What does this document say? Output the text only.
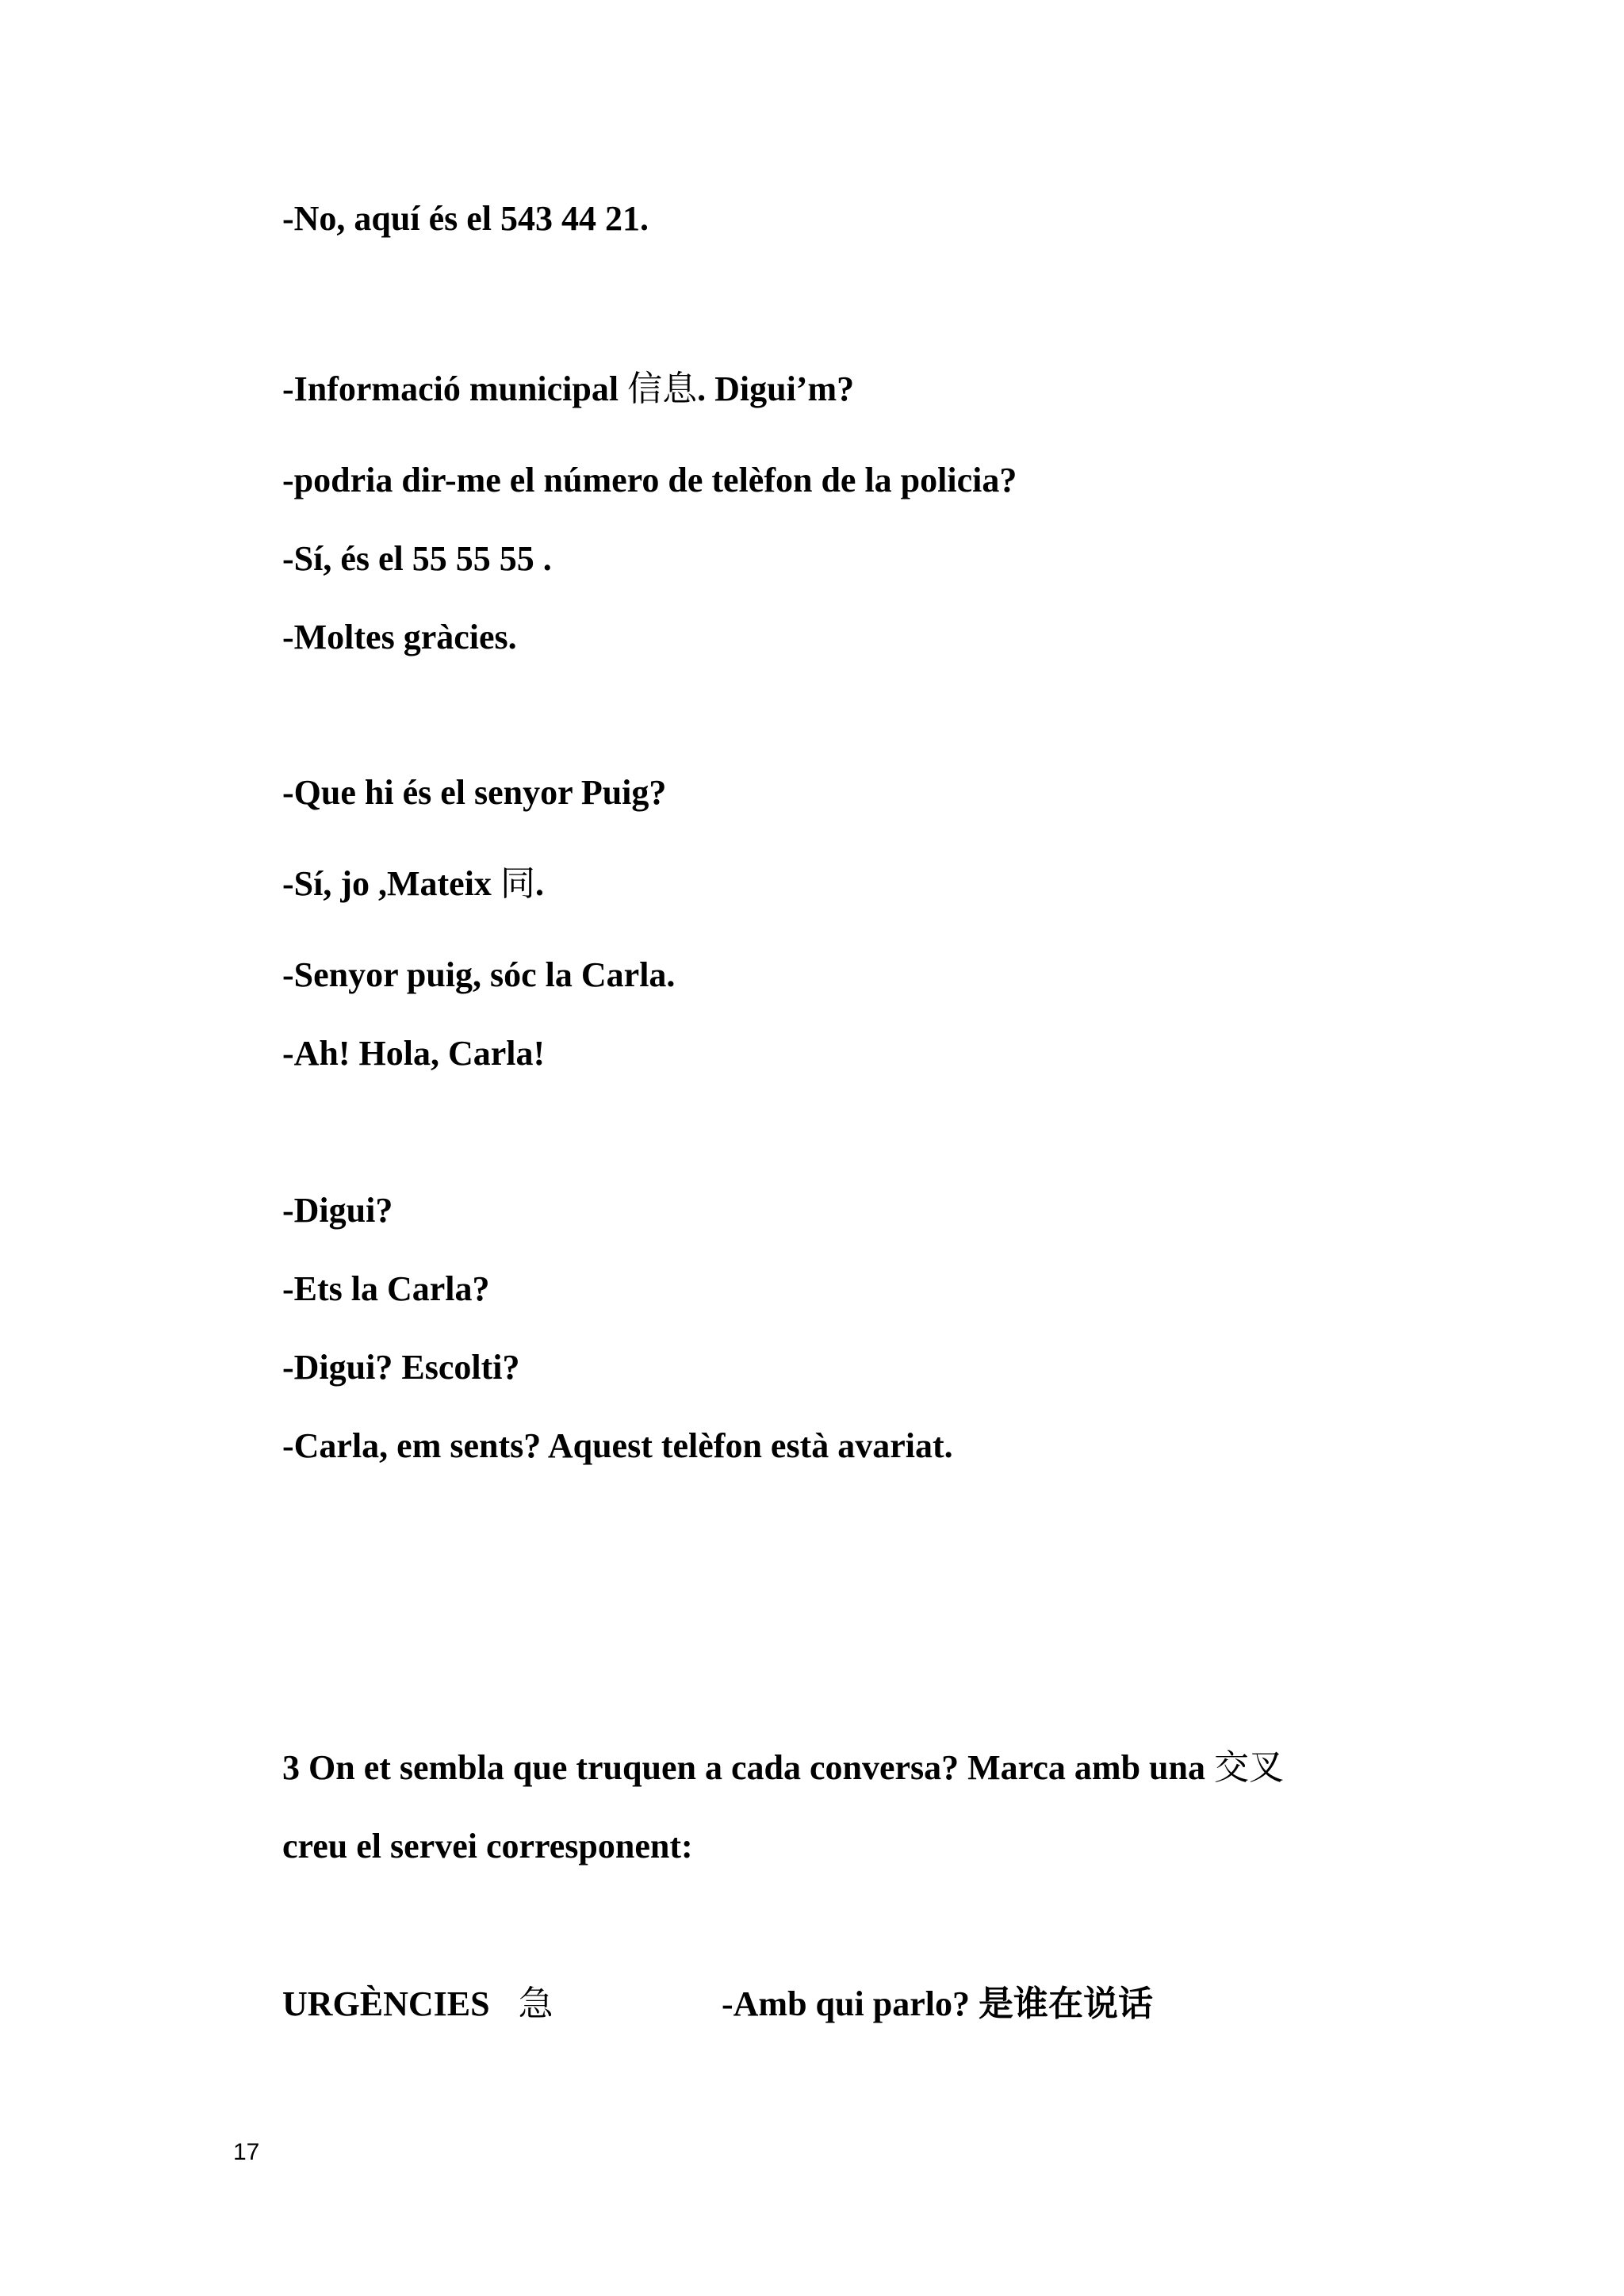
-No, aquí és el 543 44 21.
-Informació municipal 信息. Digui’m?
-podria dir-me el número de telèfon de la policia?
-Sí, és el 55 55 55 .
-Moltes gràcies.
-Que hi és el senyor Puig?
-Sí, jo ,Mateix 同.
-Senyor puig, sóc la Carla.
-Ah! Hola, Carla!
-Digui?
-Ets la Carla?
-Digui? Escolti?
-Carla, em sents? Aquest telèfon està avariat.
3 On et sembla que truquen a cada conversa? Marca amb una 交叉
creu el servei corresponent:
URGÈNCIES 急	-Amb qui parlo? 是谁在说话
17
